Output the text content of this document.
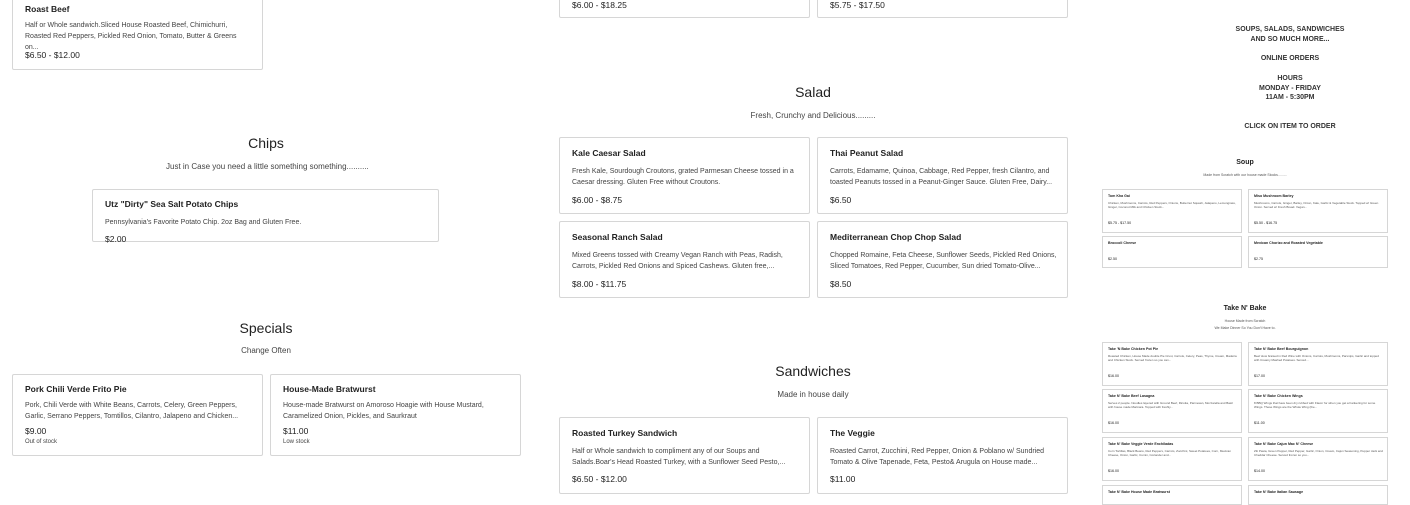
Roast Beef
Half or Whole sandwich.Sliced House Roasted Beef, Chimichurri, Roasted Red Peppers, Pickled Red Onion, Tomato, Butter & Greens on...
$6.50 - $12.00
$6.00 - $18.25	$5.75 - $17.50
Chips
Just in Case you need a little something something..........
Utz "Dirty" Sea Salt Potato Chips
Pennsylvania's Favorite Potato Chip. 2oz Bag and Gluten Free.
$2.00
Specials
Change Often
Pork Chili Verde Frito Pie
Pork, Chili Verde with White Beans, Carrots, Celery, Green Peppers, Garlic, Serrano Peppers, Tomtillos, Cilantro, Jalapeno and Chicken...
$9.00
Out of stock
House-Made Bratwurst
House-made Bratwurst on Amoroso Hoagie with House Mustard, Caramelized Onion, Pickles, and Saurkraut
$11.00
Low stock
Salad
Fresh, Crunchy and Delicious.........
Kale Caesar Salad
Fresh Kale, Sourdough Croutons, grated Parmesan Cheese tossed in a Caesar dressing. Gluten Free without Croutons.
$6.00 - $8.75
Thai Peanut Salad
Carrots, Edamame, Quinoa, Cabbage, Red Pepper, fresh Cilantro, and toasted Peanuts tossed in a Peanut-Ginger Sauce. Gluten Free, Dairy...
$6.50
Seasonal Ranch Salad
Mixed Greens tossed with Creamy Vegan Ranch with Peas, Radish, Carrots, Pickled Red Onions and Spiced Cashews. Gluten free,...
$8.00 - $11.75
Mediterranean Chop Chop Salad
Chopped Romaine, Feta Cheese, Sunflower Seeds, Pickled Red Onions, Sliced Tomatoes, Red Pepper, Cucumber, Sun dried Tomato-Olive...
$8.50
Sandwiches
Made in house daily
Roasted Turkey Sandwich
Half or Whole sandwich to compliment any of our Soups and Salads.Boar's Head Roasted Turkey, with a Sunflower Seed Pesto,...
$6.50 - $12.00
The Veggie
Roasted Carrot, Zucchini, Red Pepper, Onion & Poblano w/ Sundried Tomato & Olive Tapenade, Feta, Pesto& Arugula on House made...
$11.00
SOUPS, SALADS, SANDWICHES
AND SO MUCH MORE...
ONLINE ORDERS
HOURS
MONDAY - FRIDAY
11AM - 5:30PM
CLICK ON ITEM TO ORDER
Soup
Made from Scratch with our house made Stocks.........
Tom Kha Gai
Chicken, Mushrooms, Carrots, Red Peppers, Onions, Butternut Squash, Jalapeno, Lemongrass, Ginger, Coconut Milk and Chicken Stock...
$5.75 - $17.50
Miso Mushroom Barley
Mushrooms, Carrots, Ginger, Barley, Onion, Kale, Garlic & Vegetable Stock. Topped w/ Green Onion. Served w/ Fresh Bread. Vegan...
$5.50 - $16.75
Broccoli Cheese
$2.50
Mexican Chorizo and Roasted Vegetable
$2.75
Take N' Bake
House Made from Scratch
We Make Dinner So You Don't Have to.
Take 'N Bake Chicken Pot Pie
Roasted Chicken, House Made double Pie Crust, Carrots, Celery, Peas, Thyme, Cream, Madeira and Chicken Stock. Served frozen so you can...
$16.00
Take N' Bake Beef Bourguignon
Beef slow braised in Red Wine with Onions, Carrots, Mushrooms, Parsnips, Garlic and topped with Creamy Mashed Potatoes. Served...
$17.00
Take N' Bake Beef Lasagna
Serves 2 people. Noodles layered with Ground Beef, Ricotta, Parmesan, Mozzarella and Basil with house made Marinara. Topped with freshly...
$16.00
Take N' Bake Chicken Wings
8 BBQ Wings that have been dry rubbed with Flavor for when you get a hankering for some Wings. These Wings are the Whole Wing (the...
$11.00
Take N' Bake Veggie Verde Enchiladas
Corn Tortillas, Black Beans, Red Peppers, Carrots, Zucchini, Sweet Potatoes, Corn, Mexican Cheese, Onion, Garlic, Cumin, Coriander and...
$16.00
Take N' Bake Cajun Mac N' Cheese
Ziti Pasta, Green Pepper, Red Pepper, Garlic, Onion, Cream, Cajun Seasoning, Pepper Jack and Cheddar Cheese. Served frozen so you...
$14.00
Take N' Bake House Made Bratwurst	Take N' Bake Italian Sausage
